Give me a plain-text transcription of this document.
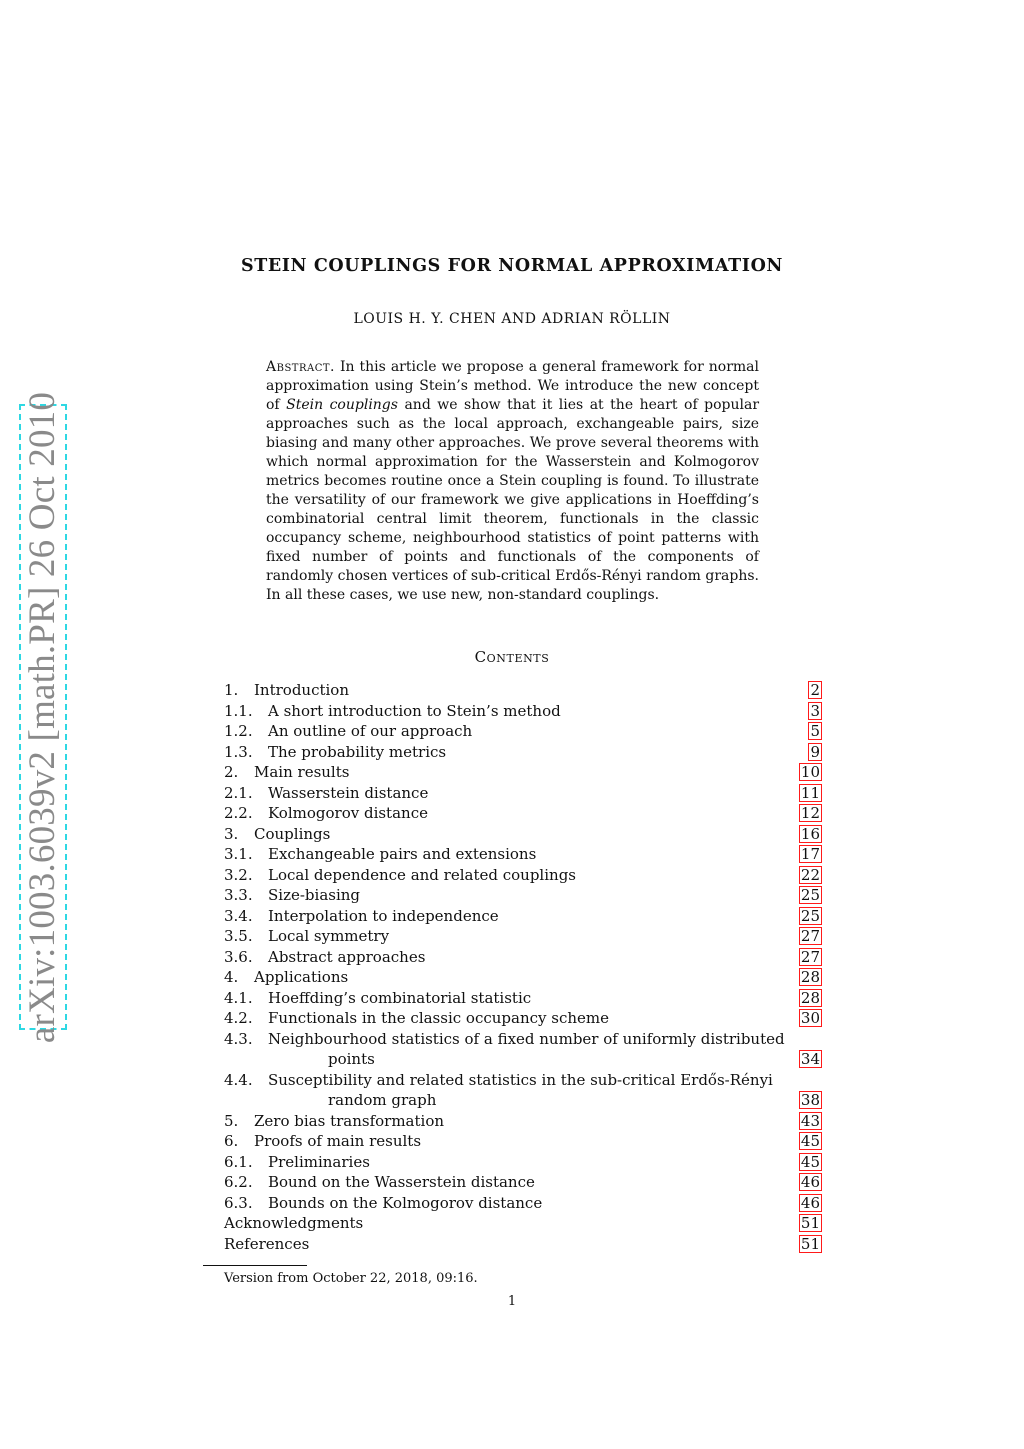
arXiv:1003.6039v2 [math.PR] 26 Oct 2010
STEIN COUPLINGS FOR NORMAL APPROXIMATION
LOUIS H. Y. CHEN AND ADRIAN RÖLLIN
Abstract. In this article we propose a general framework for normal approximation using Stein’s method. We introduce the new concept of Stein couplings and we show that it lies at the heart of popular approaches such as the local approach, exchangeable pairs, size biasing and many other approaches. We prove several theorems with which normal approximation for the Wasserstein and Kolmogorov metrics becomes routine once a Stein coupling is found. To illustrate the versatility of our framework we give applications in Hoeffding’s combinatorial central limit theorem, functionals in the classic occupancy scheme, neighbourhood statistics of point patterns with fixed number of points and functionals of the components of randomly chosen vertices of sub-critical Erdős-Rényi random graphs. In all these cases, we use new, non-standard couplings.
Contents
1. Introduction	2
1.1. A short introduction to Stein’s method	3
1.2. An outline of our approach	5
1.3. The probability metrics	9
2. Main results	10
2.1. Wasserstein distance	11
2.2. Kolmogorov distance	12
3. Couplings	16
3.1. Exchangeable pairs and extensions	17
3.2. Local dependence and related couplings	22
3.3. Size-biasing	25
3.4. Interpolation to independence	25
3.5. Local symmetry	27
3.6. Abstract approaches	27
4. Applications	28
4.1. Hoeffding’s combinatorial statistic	28
4.2. Functionals in the classic occupancy scheme	30
4.3. Neighbourhood statistics of a fixed number of uniformly distributed
points	34
4.4. Susceptibility and related statistics in the sub-critical Erdős-Rényi
random graph	38
5. Zero bias transformation	43
6. Proofs of main results	45
6.1. Preliminaries	45
6.2. Bound on the Wasserstein distance	46
6.3. Bounds on the Kolmogorov distance	46
Acknowledgments	51
References	51
Version from October 22, 2018, 09:16.
1
